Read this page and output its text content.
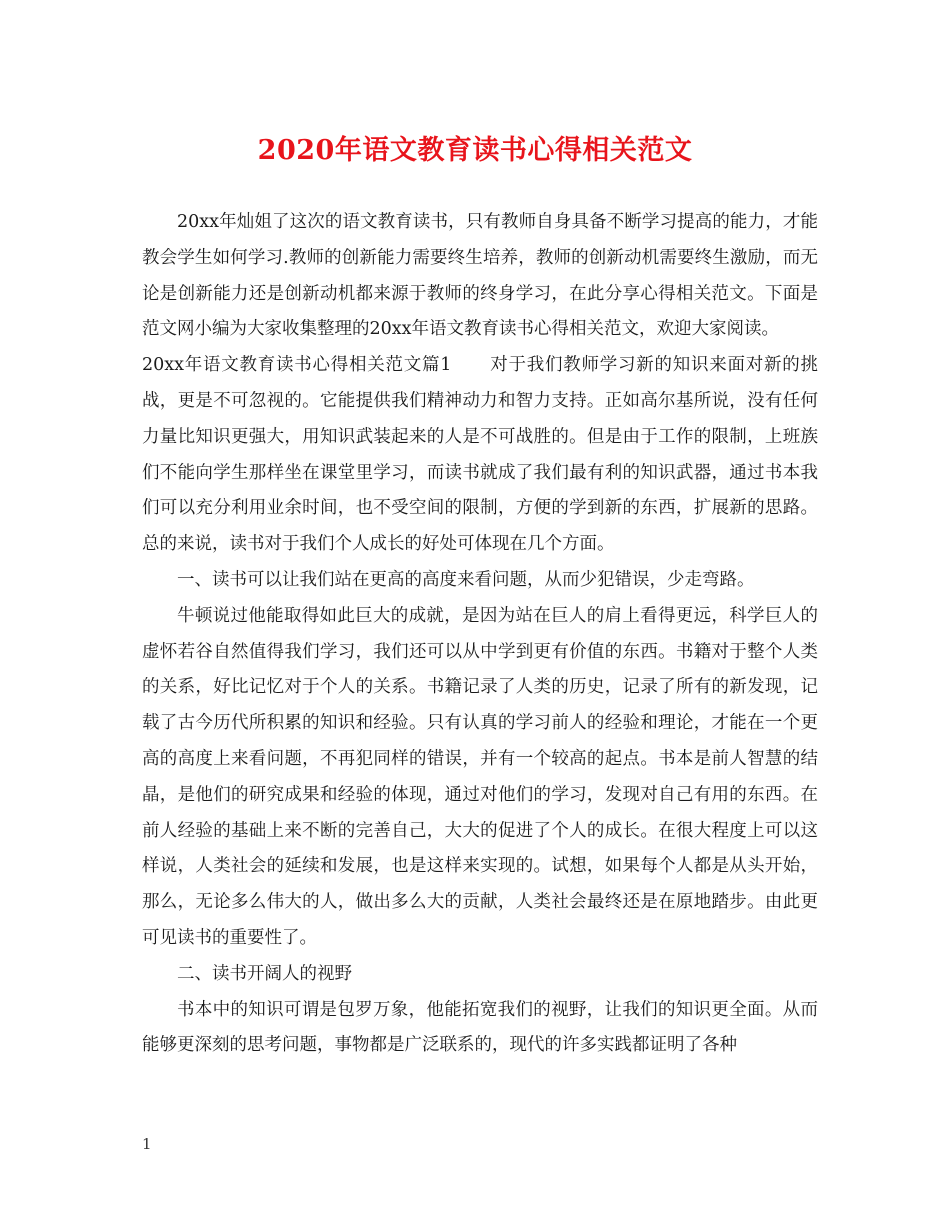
2020年语文教育读书心得相关范文

20xx年灿姐了这次的语文教育读书，只有教师自身具备不断学习提高的能力，才能教会学生如何学习.教师的创新能力需要终生培养，教师的创新动机需要终生激励，而无论是创新能力还是创新动机都来源于教师的终身学习，在此分享心得相关范文。下面是范文网小编为大家收集整理的20xx年语文教育读书心得相关范文，欢迎大家阅读。

20xx年语文教育读书心得相关范文篇1 对于我们教师学习新的知识来面对新的挑战，更是不可忽视的。它能提供我们精神动力和智力支持。正如高尔基所说，没有任何力量比知识更强大，用知识武装起来的人是不可战胜的。但是由于工作的限制，上班族们不能向学生那样坐在课堂里学习，而读书就成了我们最有利的知识武器，通过书本我们可以充分利用业余时间，也不受空间的限制，方便的学到新的东西，扩展新的思路。总的来说，读书对于我们个人成长的好处可体现在几个方面。

一、读书可以让我们站在更高的高度来看问题，从而少犯错误，少走弯路。

牛顿说过他能取得如此巨大的成就，是因为站在巨人的肩上看得更远，科学巨人的虚怀若谷自然值得我们学习，我们还可以从中学到更有价值的东西。书籍对于整个人类的关系，好比记忆对于个人的关系。书籍记录了人类的历史，记录了所有的新发现，记载了古今历代所积累的知识和经验。只有认真的学习前人的经验和理论，才能在一个更高的高度上来看问题，不再犯同样的错误，并有一个较高的起点。书本是前人智慧的结晶，是他们的研究成果和经验的体现，通过对他们的学习，发现对自己有用的东西。在前人经验的基础上来不断的完善自己，大大的促进了个人的成长。在很大程度上可以这样说，人类社会的延续和发展，也是这样来实现的。试想，如果每个人都是从头开始，那么，无论多么伟大的人，做出多么大的贡献，人类社会最终还是在原地踏步。由此更可见读书的重要性了。

二、读书开阔人的视野

书本中的知识可谓是包罗万象，他能拓宽我们的视野，让我们的知识更全面。从而能够更深刻的思考问题，事物都是广泛联系的，现代的许多实践都证明了各种

1
